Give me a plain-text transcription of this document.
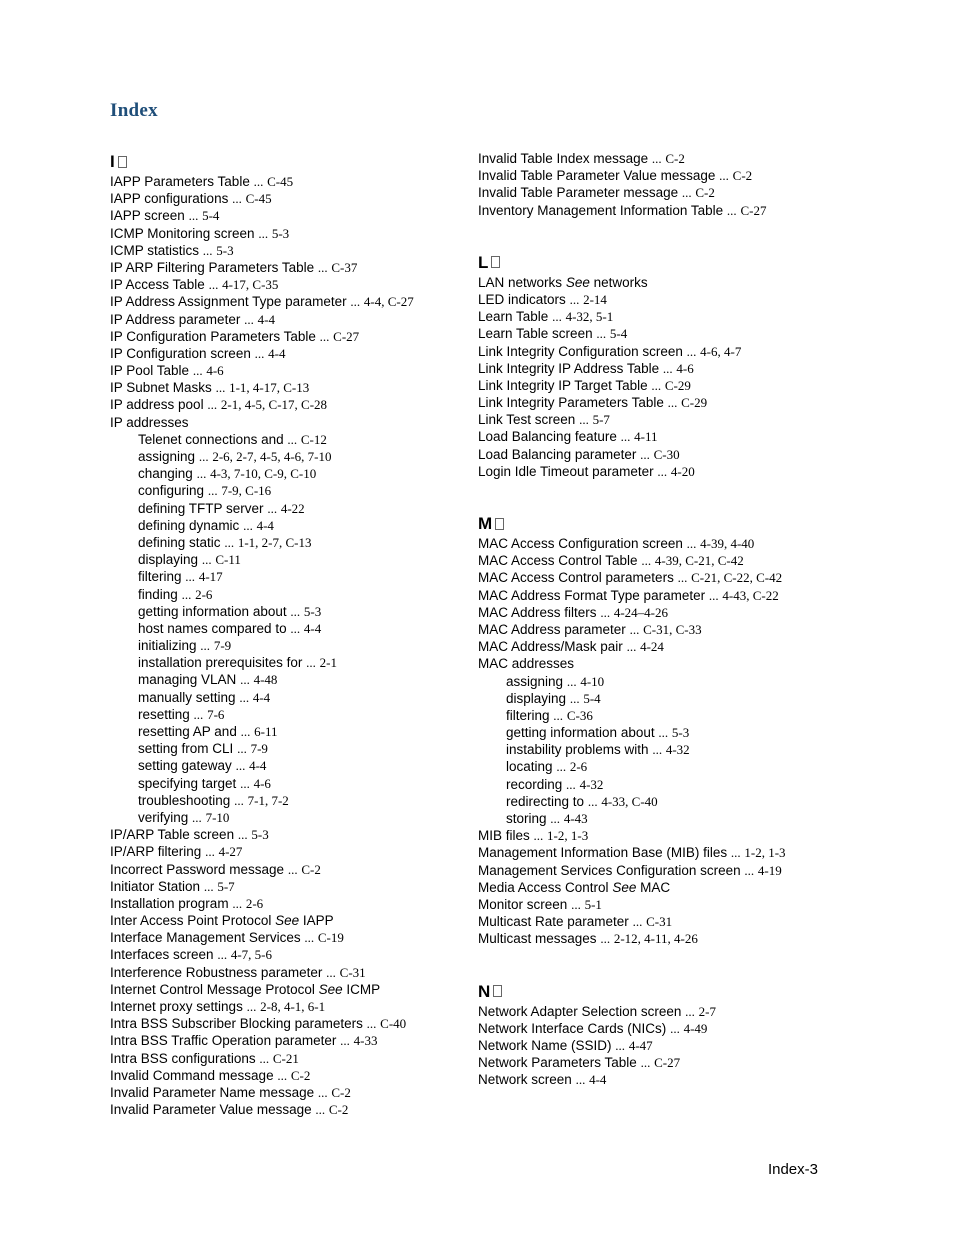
Index
I
IAPP Parameters Table ... C-45
IAPP configurations ... C-45
IAPP screen ... 5-4
ICMP Monitoring screen ... 5-3
ICMP statistics ... 5-3
IP ARP Filtering Parameters Table ... C-37
IP Access Table ... 4-17, C-35
IP Address Assignment Type parameter ... 4-4, C-27
IP Address parameter ... 4-4
IP Configuration Parameters Table ... C-27
IP Configuration screen ... 4-4
IP Pool Table ... 4-6
IP Subnet Masks ... 1-1, 4-17, C-13
IP address pool ... 2-1, 4-5, C-17, C-28
IP addresses
Telenet connections and ... C-12
assigning ... 2-6, 2-7, 4-5, 4-6, 7-10
changing ... 4-3, 7-10, C-9, C-10
configuring ... 7-9, C-16
defining TFTP server ... 4-22
defining dynamic ... 4-4
defining static ... 1-1, 2-7, C-13
displaying ... C-11
filtering ... 4-17
finding ... 2-6
getting information about ... 5-3
host names compared to ... 4-4
initializing ... 7-9
installation prerequisites for ... 2-1
managing VLAN ... 4-48
manually setting ... 4-4
resetting ... 7-6
resetting AP and ... 6-11
setting from CLI ... 7-9
setting gateway ... 4-4
specifying target ... 4-6
troubleshooting ... 7-1, 7-2
verifying ... 7-10
IP/ARP Table screen ... 5-3
IP/ARP filtering ... 4-27
Incorrect Password message ... C-2
Initiator Station ... 5-7
Installation program ... 2-6
Inter Access Point Protocol See IAPP
Interface Management Services ... C-19
Interfaces screen ... 4-7, 5-6
Interference Robustness parameter ... C-31
Internet Control Message Protocol See ICMP
Internet proxy settings ... 2-8, 4-1, 6-1
Intra BSS Subscriber Blocking parameters ... C-40
Intra BSS Traffic Operation parameter ... 4-33
Intra BSS configurations ... C-21
Invalid Command message ... C-2
Invalid Parameter Name message ... C-2
Invalid Parameter Value message ... C-2
Invalid Table Index message ... C-2
Invalid Table Parameter Value message ... C-2
Invalid Table Parameter message ... C-2
Inventory Management Information Table ... C-27
L
LAN networks See networks
LED indicators ... 2-14
Learn Table ... 4-32, 5-1
Learn Table screen ... 5-4
Link Integrity Configuration screen ... 4-6, 4-7
Link Integrity IP Address Table ... 4-6
Link Integrity IP Target Table ... C-29
Link Integrity Parameters Table ... C-29
Link Test screen ... 5-7
Load Balancing feature ... 4-11
Load Balancing parameter ... C-30
Login Idle Timeout parameter ... 4-20
M
MAC Access Configuration screen ... 4-39, 4-40
MAC Access Control Table ... 4-39, C-21, C-42
MAC Access Control parameters ... C-21, C-22, C-42
MAC Address Format Type parameter ... 4-43, C-22
MAC Address filters ... 4-24–4-26
MAC Address parameter ... C-31, C-33
MAC Address/Mask pair ... 4-24
MAC addresses
assigning ... 4-10
displaying ... 5-4
filtering ... C-36
getting information about ... 5-3
instability problems with ... 4-32
locating ... 2-6
recording ... 4-32
redirecting to ... 4-33, C-40
storing ... 4-43
MIB files ... 1-2, 1-3
Management Information Base (MIB) files ... 1-2, 1-3
Management Services Configuration screen ... 4-19
Media Access Control See MAC
Monitor screen ... 5-1
Multicast Rate parameter ... C-31
Multicast messages ... 2-12, 4-11, 4-26
N
Network Adapter Selection screen ... 2-7
Network Interface Cards (NICs) ... 4-49
Network Name (SSID) ... 4-47
Network Parameters Table ... C-27
Network screen ... 4-4
Index-3
